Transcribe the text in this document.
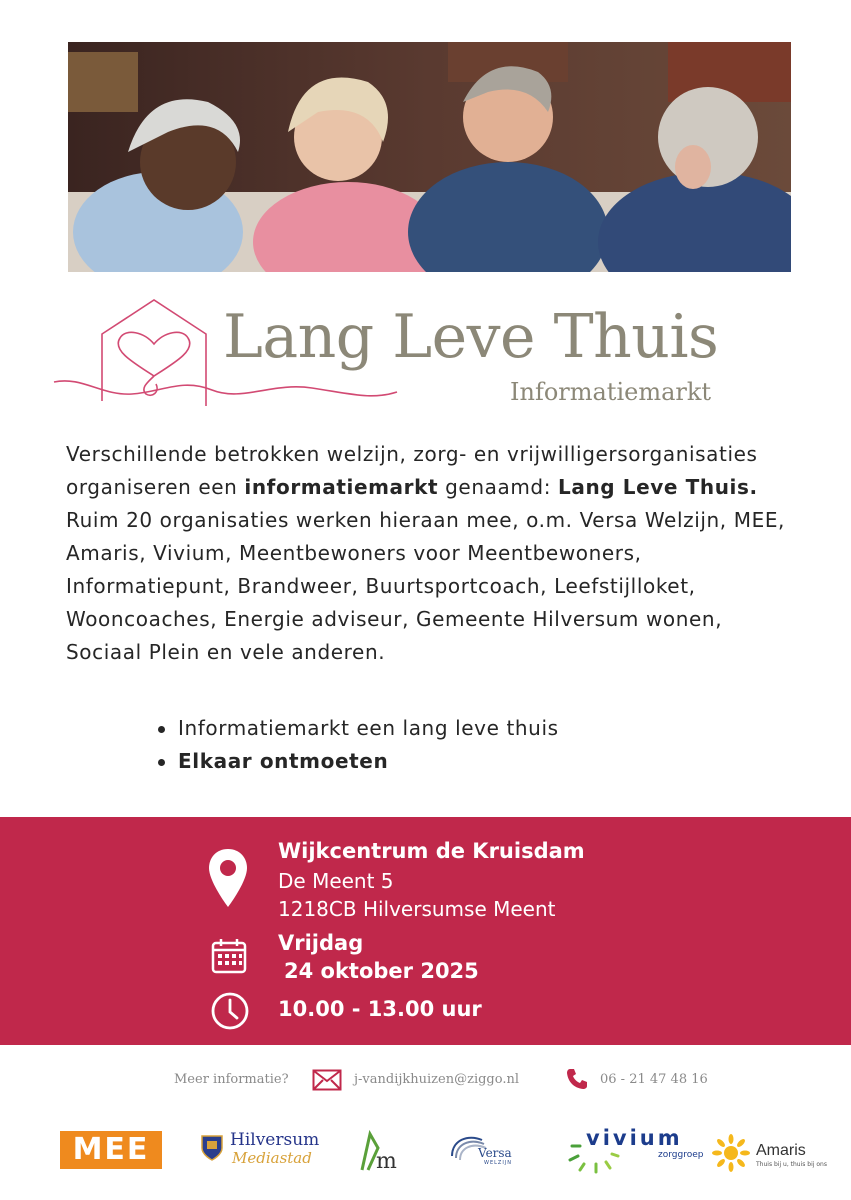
Lang Leve Thuis
Informatiemarkt
Verschillende betrokken welzijn, zorg- en vrijwilligersorganisaties organiseren een informatiemarkt genaamd: Lang Leve Thuis. Ruim 20 organisaties werken hieraan mee, o.m. Versa Welzijn, MEE, Amaris, Vivium, Meentbewoners voor Meentbewoners, Informatiepunt, Brandweer, Buurtsportcoach, Leefstijlloket, Wooncoaches, Energie adviseur, Gemeente Hilversum wonen, Sociaal Plein en vele anderen.
Informatiemarkt een lang leve thuis
Elkaar ontmoeten
Wijkcentrum de Kruisdam
De Meent 5
1218CB Hilversumse Meent
Vrijdag
24 oktober 2025
10.00 - 13.00 uur
Meer informatie?	j-vandijkhuizen@ziggo.nl	06 - 21 47 48 16
MEE	Hilversum
Mediastad	m	Versa
WELZIJN
vivium
zorggroep	Amaris
Thuis bij u, thuis bij ons
